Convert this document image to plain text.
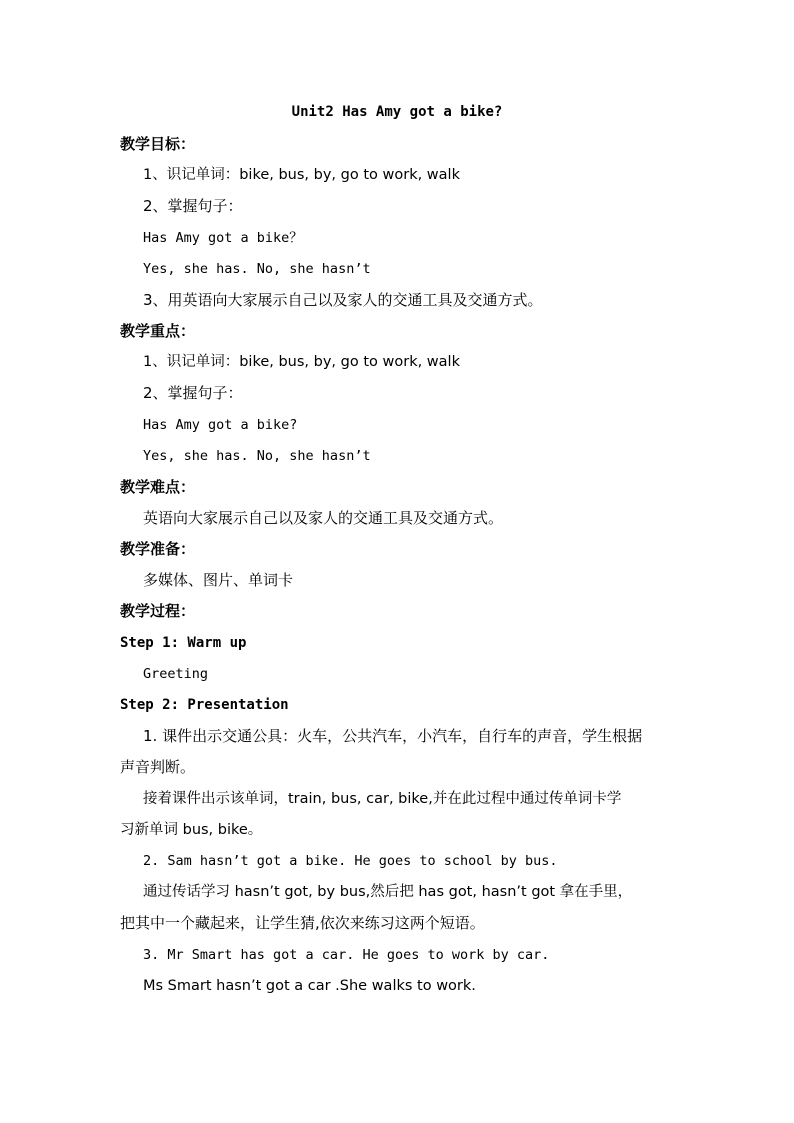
Unit2 Has Amy got a bike?
教学目标：
1、识记单词：bike, bus, by, go to work, walk
2、掌握句子：
Has Amy got a bike？
Yes, she has. No, she hasn’t
3、用英语向大家展示自己以及家人的交通工具及交通方式。
教学重点：
1、识记单词：bike, bus, by, go to work, walk
2、掌握句子：
Has Amy got a bike?
Yes, she has. No, she hasn’t
教学难点：
英语向大家展示自己以及家人的交通工具及交通方式。
教学准备：
多媒体、图片、单词卡
教学过程：
Step 1: Warm up
Greeting
Step 2: Presentation
1. 课件出示交通公具：火车，公共汽车，小汽车，自行车的声音，学生根据
声音判断。
接着课件出示该单词，train, bus, car, bike,并在此过程中通过传单词卡学
习新单词 bus, bike。
2. Sam hasn’t got a bike. He goes to school by bus.
通过传话学习 hasn’t got, by bus,然后把 has got, hasn’t got 拿在手里，
把其中一个藏起来，让学生猜,依次来练习这两个短语。
3. Mr Smart has got a car. He goes to work by car.
Ms Smart hasn’t got a car .She walks to work.
